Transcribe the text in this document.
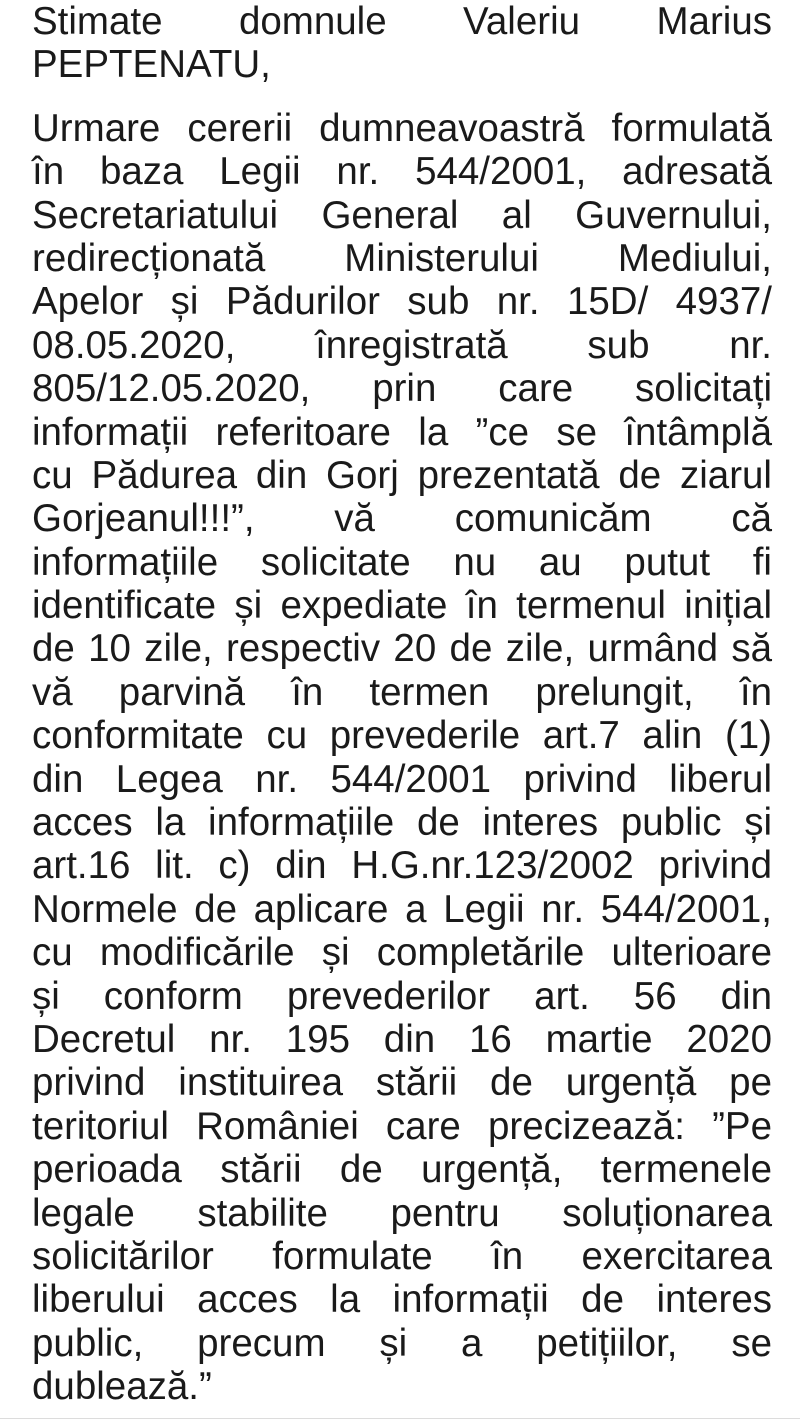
Stimate domnule Valeriu Marius
PEPTENATU,
Urmare cererii dumneavoastră formulată
în baza Legii nr. 544/2001, adresată
Secretariatului General al Guvernului,
redirecționată Ministerului Mediului,
Apelor și Pădurilor sub nr. 15D/ 4937/
08.05.2020, înregistrată sub nr.
805/12.05.2020, prin care solicitați
informații referitoare la ”ce se întâmplă
cu Pădurea din Gorj prezentată de ziarul
Gorjeanul!!!”, vă comunicăm că
informațiile solicitate nu au putut fi
identificate și expediate în termenul inițial
de 10 zile, respectiv 20 de zile, urmând să
vă parvină în termen prelungit, în
conformitate cu prevederile art.7 alin (1)
din Legea nr. 544/2001 privind liberul
acces la informațiile de interes public și
art.16 lit. c) din H.G.nr.123/2002 privind
Normele de aplicare a Legii nr. 544/2001,
cu modificările și completările ulterioare
și conform prevederilor art. 56 din
Decretul nr. 195 din 16 martie 2020
privind instituirea stării de urgență pe
teritoriul României care precizează: ”Pe
perioada stării de urgență, termenele
legale stabilite pentru soluționarea
solicitărilor formulate în exercitarea
liberului acces la informații de interes
public, precum și a petițiilor, se
dublează.”
